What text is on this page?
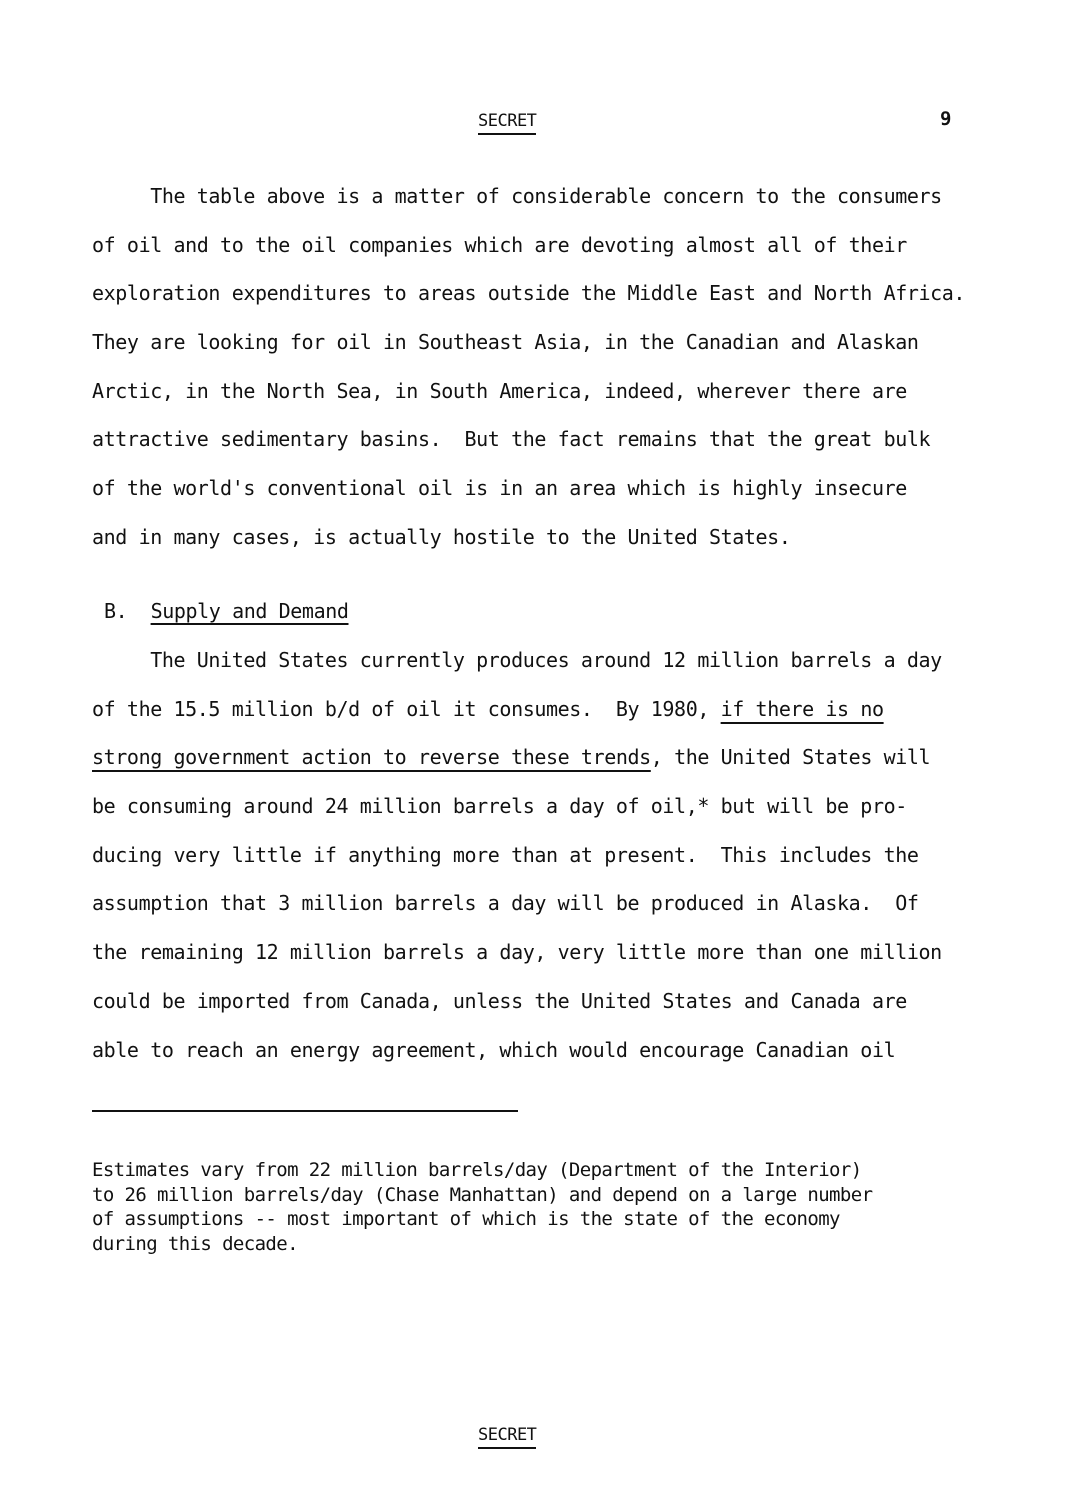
SECRET	9
The table above is a matter of considerable concern to the consumers
of oil and to the oil companies which are devoting almost all of their
exploration expenditures to areas outside the Middle East and North Africa.
They are looking for oil in Southeast Asia, in the Canadian and Alaskan
Arctic, in the North Sea, in South America, indeed, wherever there are
attractive sedimentary basins.  But the fact remains that the great bulk
of the world's conventional oil is in an area which is highly insecure
and in many cases, is actually hostile to the United States.
B. Supply and Demand
The United States currently produces around 12 million barrels a day
of the 15.5 million b/d of oil it consumes.  By 1980, if there is no
strong government action to reverse these trends, the United States will
be consuming around 24 million barrels a day of oil,* but will be pro-
ducing very little if anything more than at present.  This includes the
assumption that 3 million barrels a day will be produced in Alaska.  Of
the remaining 12 million barrels a day, very little more than one million
could be imported from Canada, unless the United States and Canada are
able to reach an energy agreement, which would encourage Canadian oil
Estimates vary from 22 million barrels/day (Department of the Interior)
to 26 million barrels/day (Chase Manhattan) and depend on a large number
of assumptions -- most important of which is the state of the economy
during this decade.
SECRET
